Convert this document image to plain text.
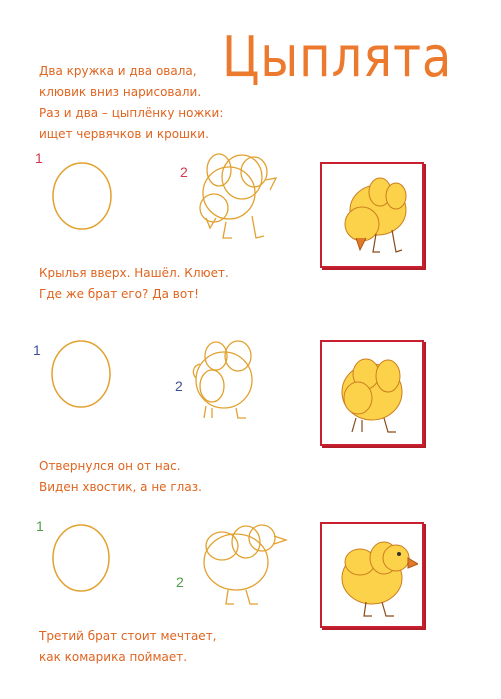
Цыплята
Два кружка и два овала,
клювик вниз нарисовали.
Раз и два – цыплёнку ножки:
ищет червячков и крошки.
Крылья вверх. Нашёл. Клюет.
Где же брат его? Да вот!
Отвернулся он от нас.
Виден хвостик, а не глаз.
Третий брат стоит мечтает,
как комарика поймает.
1
2
1
2
1
2
